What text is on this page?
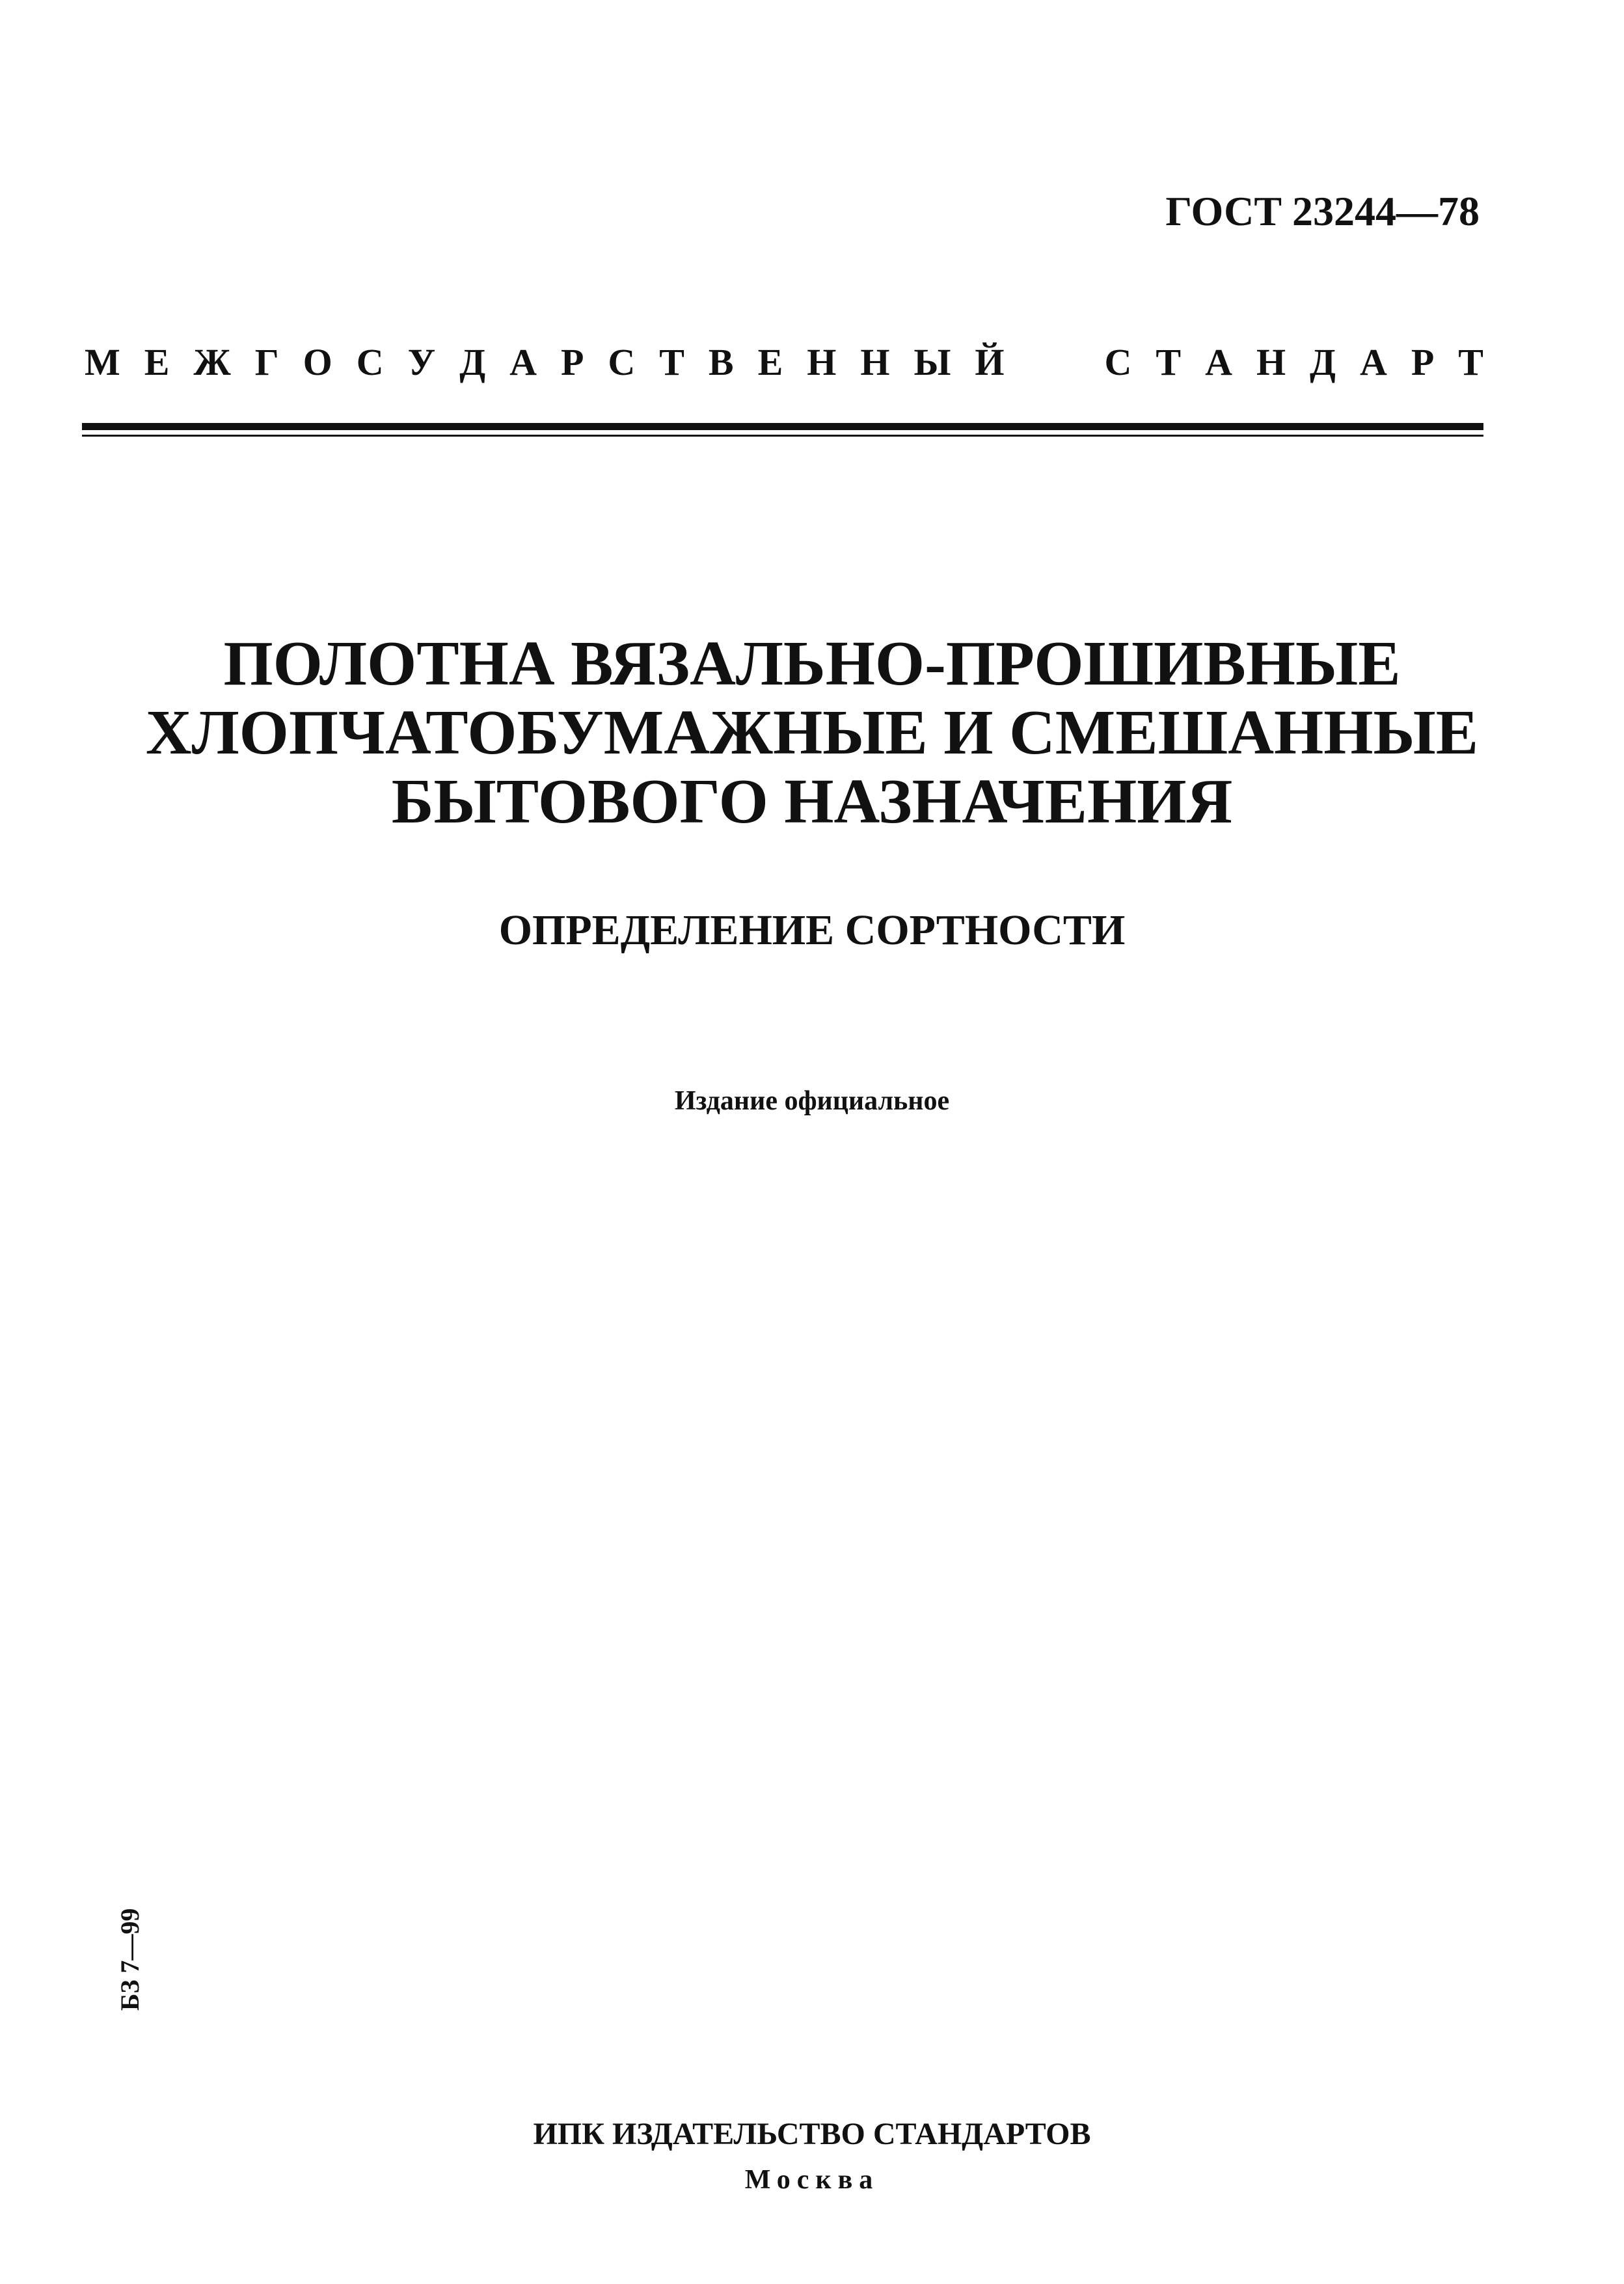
ГОСТ 23244—78
М Е Ж Г О С У Д А Р С Т В Е Н Н Ы Й	С Т А Н Д А Р Т
ПОЛОТНА ВЯЗАЛЬНО-ПРОШИВНЫЕ
ХЛОПЧАТОБУМАЖНЫЕ И СМЕШАННЫЕ
БЫТОВОГО НАЗНАЧЕНИЯ
ОПРЕДЕЛЕНИЕ СОРТНОСТИ
Издание официальное
БЗ 7—99
ИПК ИЗДАТЕЛЬСТВО СТАНДАРТОВ
Москва
